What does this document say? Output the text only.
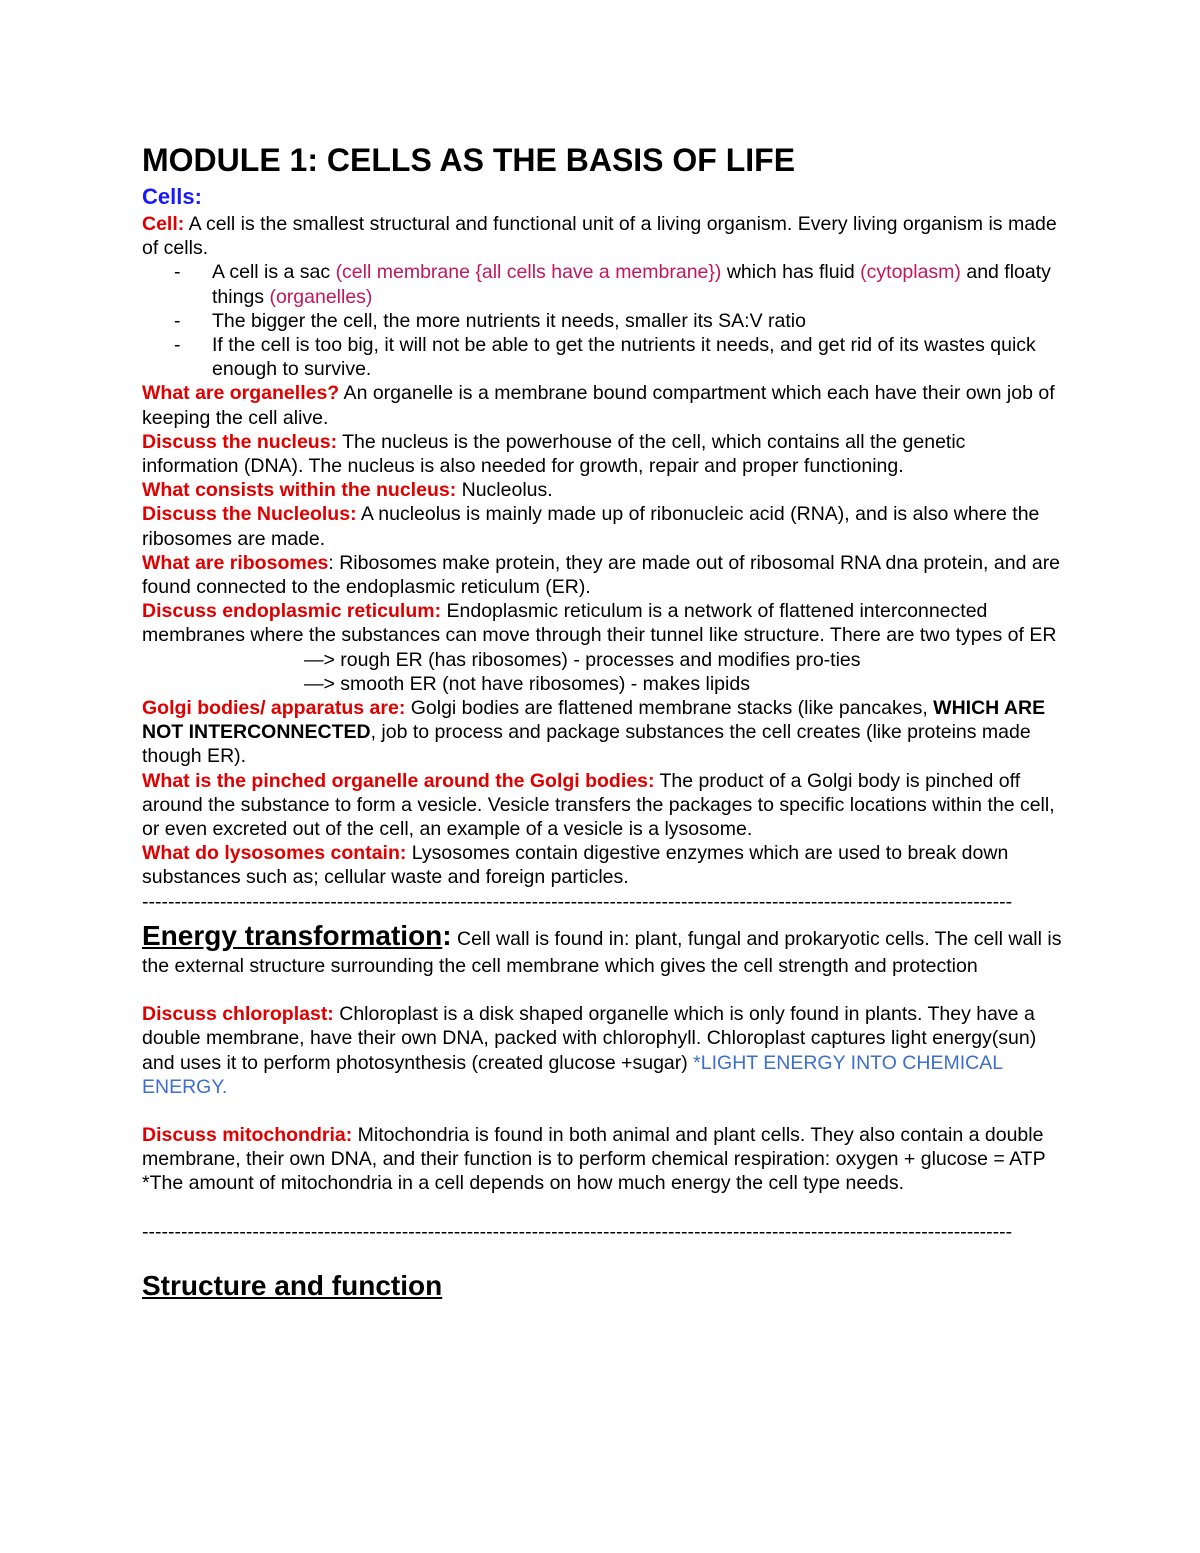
MODULE 1: CELLS AS THE BASIS OF LIFE
Cells:

Cell: A cell is the smallest structural and functional unit of a living organism. Every living organism is made of cells.

- A cell is a sac (cell membrane {all cells have a membrane}) which has fluid (cytoplasm) and floaty things (organelles)
- The bigger the cell, the more nutrients it needs, smaller its SA:V ratio
- If the cell is too big, it will not be able to get the nutrients it needs, and get rid of its wastes quick enough to survive.

What are organelles? An organelle is a membrane bound compartment which each have their own job of keeping the cell alive.

Discuss the nucleus: The nucleus is the powerhouse of the cell, which contains all the genetic information (DNA). The nucleus is also needed for growth, repair and proper functioning.

What consists within the nucleus: Nucleolus.

Discuss the Nucleolus: A nucleolus is mainly made up of ribonucleic acid (RNA), and is also where the ribosomes are made.

What are ribosomes: Ribosomes make protein, they are made out of ribosomal RNA dna protein, and are found connected to the endoplasmic reticulum (ER).

Discuss endoplasmic reticulum: Endoplasmic reticulum is a network of flattened interconnected membranes where the substances can move through their tunnel like structure. There are two types of ER

—> rough ER (has ribosomes) - processes and modifies pro-ties

—> smooth ER (not have ribosomes) - makes lipids

Golgi bodies/ apparatus are: Golgi bodies are flattened membrane stacks (like pancakes, WHICH ARE NOT INTERCONNECTED, job to process and package substances the cell creates (like proteins made though ER).

What is the pinched organelle around the Golgi bodies: The product of a Golgi body is pinched off around the substance to form a vesicle. Vesicle transfers the packages to specific locations within the cell, or even excreted out of the cell, an example of a vesicle is a lysosome.

What do lysosomes contain: Lysosomes contain digestive enzymes which are used to break down substances such as; cellular waste and foreign particles.

--------------------------------------------------------------------------------------------------------------------------------------

Energy transformation: Cell wall is found in: plant, fungal and prokaryotic cells. The cell wall is the external structure surrounding the cell membrane which gives the cell strength and protection

Discuss chloroplast: Chloroplast is a disk shaped organelle which is only found in plants. They have a double membrane, have their own DNA, packed with chlorophyll. Chloroplast captures light energy(sun) and uses it to perform photosynthesis (created glucose +sugar) *LIGHT ENERGY INTO CHEMICAL ENERGY.

Discuss mitochondria: Mitochondria is found in both animal and plant cells. They also contain a double membrane, their own DNA, and their function is to perform chemical respiration: oxygen + glucose = ATP *The amount of mitochondria in a cell depends on how much energy the cell type needs.

--------------------------------------------------------------------------------------------------------------------------------------
Structure and function
